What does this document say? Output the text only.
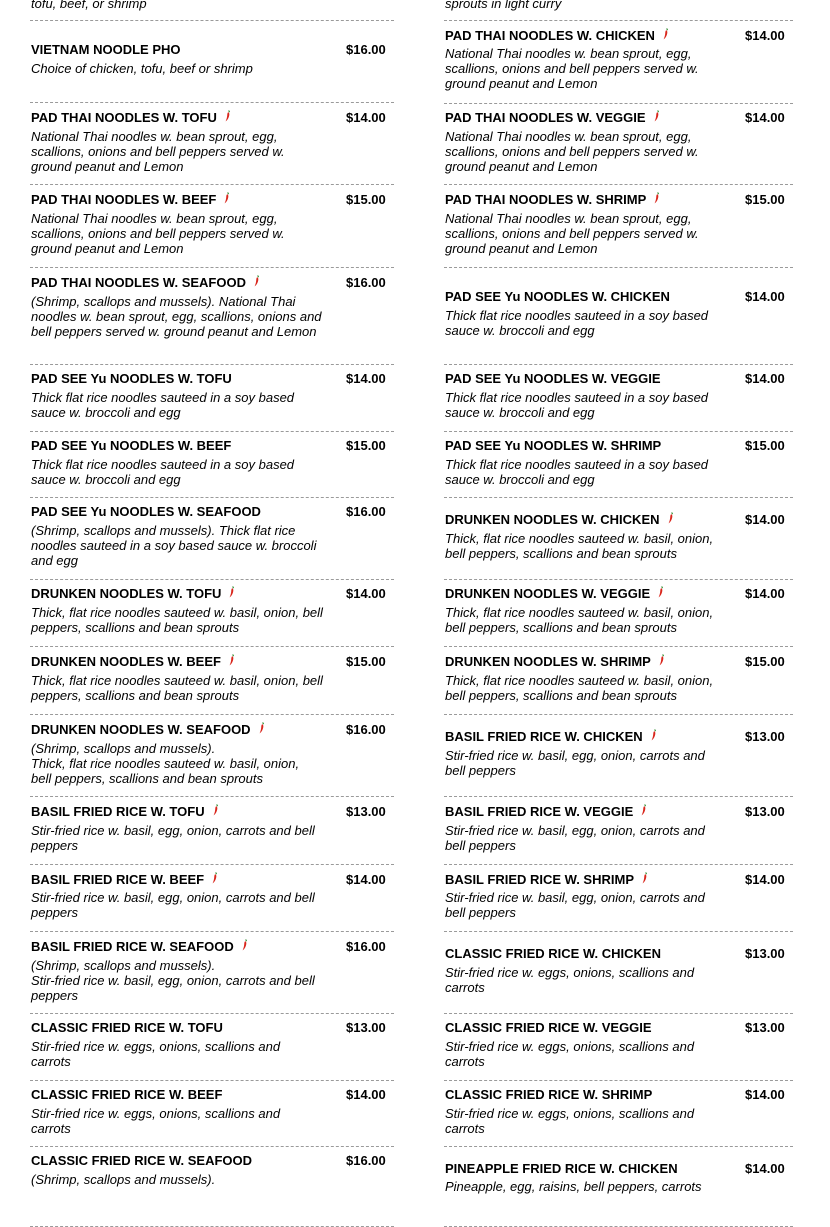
tofu, beef, or shrimp
VIETNAM NOODLE PHO	$16.00
Choice of chicken, tofu, beef or shrimp
PAD THAI NOODLES W. TOFU	$14.00
National Thai noodles w. bean sprout, egg, scallions, onions and bell peppers served w. ground peanut and Lemon
PAD THAI NOODLES W. BEEF	$15.00
National Thai noodles w. bean sprout, egg, scallions, onions and bell peppers served w. ground peanut and Lemon
PAD THAI NOODLES W. SEAFOOD	$16.00
(Shrimp, scallops and mussels). National Thai noodles w. bean sprout, egg, scallions, onions and bell peppers served w. ground peanut and Lemon
PAD SEE Yu NOODLES W. TOFU	$14.00
Thick flat rice noodles sauteed in a soy based sauce w. broccoli and egg
PAD SEE Yu NOODLES W. BEEF	$15.00
Thick flat rice noodles sauteed in a soy based sauce w. broccoli and egg
PAD SEE Yu NOODLES W. SEAFOOD	$16.00
(Shrimp, scallops and mussels). Thick flat rice noodles sauteed in a soy based sauce w. broccoli and egg
DRUNKEN NOODLES W. TOFU	$14.00
Thick, flat rice noodles sauteed w. basil, onion, bell peppers, scallions and bean sprouts
DRUNKEN NOODLES W. BEEF	$15.00
Thick, flat rice noodles sauteed w. basil, onion, bell peppers, scallions and bean sprouts
DRUNKEN NOODLES W. SEAFOOD	$16.00
(Shrimp, scallops and mussels).
Thick, flat rice noodles sauteed w. basil, onion,
bell peppers, scallions and bean sprouts
BASIL FRIED RICE W. TOFU	$13.00
Stir-fried rice w. basil, egg, onion, carrots and bell peppers
BASIL FRIED RICE W. BEEF	$14.00
Stir-fried rice w. basil, egg, onion, carrots and bell peppers
BASIL FRIED RICE W. SEAFOOD	$16.00
(Shrimp, scallops and mussels).
Stir-fried rice w. basil, egg, onion, carrots and bell
peppers
CLASSIC FRIED RICE W. TOFU	$13.00
Stir-fried rice w. eggs, onions, scallions and carrots
CLASSIC FRIED RICE W. BEEF	$14.00
Stir-fried rice w. eggs, onions, scallions and carrots
CLASSIC FRIED RICE W. SEAFOOD	$16.00
(Shrimp, scallops and mussels).
sprouts in light curry
PAD THAI NOODLES W. CHICKEN	$14.00
National Thai noodles w. bean sprout, egg, scallions, onions and bell peppers served w. ground peanut and Lemon
PAD THAI NOODLES W. VEGGIE	$14.00
National Thai noodles w. bean sprout, egg, scallions, onions and bell peppers served w. ground peanut and Lemon
PAD THAI NOODLES W. SHRIMP	$15.00
National Thai noodles w. bean sprout, egg, scallions, onions and bell peppers served w. ground peanut and Lemon
PAD SEE Yu NOODLES W. CHICKEN	$14.00
Thick flat rice noodles sauteed in a soy based sauce w. broccoli and egg
PAD SEE Yu NOODLES W. VEGGIE	$14.00
Thick flat rice noodles sauteed in a soy based sauce w. broccoli and egg
PAD SEE Yu NOODLES W. SHRIMP	$15.00
Thick flat rice noodles sauteed in a soy based sauce w. broccoli and egg
DRUNKEN NOODLES W. CHICKEN	$14.00
Thick, flat rice noodles sauteed w. basil, onion, bell peppers, scallions and bean sprouts
DRUNKEN NOODLES W. VEGGIE	$14.00
Thick, flat rice noodles sauteed w. basil, onion, bell peppers, scallions and bean sprouts
DRUNKEN NOODLES W. SHRIMP	$15.00
Thick, flat rice noodles sauteed w. basil, onion, bell peppers, scallions and bean sprouts
BASIL FRIED RICE W. CHICKEN	$13.00
Stir-fried rice w. basil, egg, onion, carrots and bell peppers
BASIL FRIED RICE W. VEGGIE	$13.00
Stir-fried rice w. basil, egg, onion, carrots and bell peppers
BASIL FRIED RICE W. SHRIMP	$14.00
Stir-fried rice w. basil, egg, onion, carrots and bell peppers
CLASSIC FRIED RICE W. CHICKEN	$13.00
Stir-fried rice w. eggs, onions, scallions and carrots
CLASSIC FRIED RICE W. VEGGIE	$13.00
Stir-fried rice w. eggs, onions, scallions and carrots
CLASSIC FRIED RICE W. SHRIMP	$14.00
Stir-fried rice w. eggs, onions, scallions and carrots
PINEAPPLE FRIED RICE W. CHICKEN	$14.00
Pineapple, egg, raisins, bell peppers, carrots
